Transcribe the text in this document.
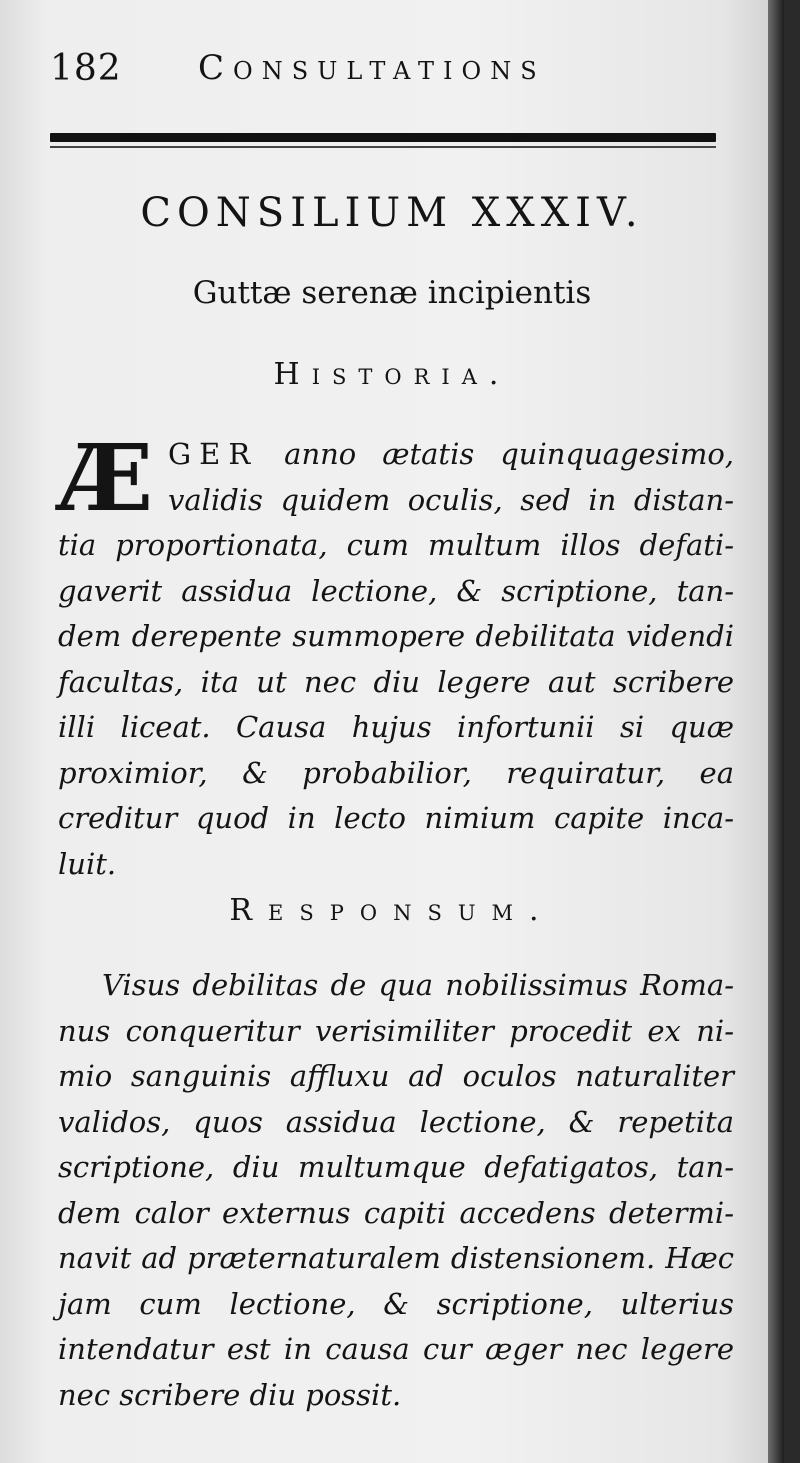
182 Consultations
CONSILIUM XXXIV.
Guttæ serenæ incipientis
Historia.
Æ GER anno ætatis quinquagesimo,
validis quidem oculis, sed in distan-
tia proportionata, cum multum illos defati-
gaverit assidua lectione, & scriptione, tan-
dem derepente summopere debilitata videndi
facultas, ita ut nec diu legere aut scribere
illi liceat. Causa hujus infortunii si quæ
proximior, & probabilior, requiratur, ea
creditur quod in lecto nimium capite inca-
luit.
Responsum.
Visus debilitas de qua nobilissimus Roma-
nus conqueritur verisimiliter procedit ex ni-
mio sanguinis affluxu ad oculos naturaliter
validos, quos assidua lectione, & repetita
scriptione, diu multumque defatigatos, tan-
dem calor externus capiti accedens determi-
navit ad præternaturalem distensionem. Hæc
jam cum lectione, & scriptione, ulterius
intendatur est in causa cur æger nec legere
nec scribere diu possit.
